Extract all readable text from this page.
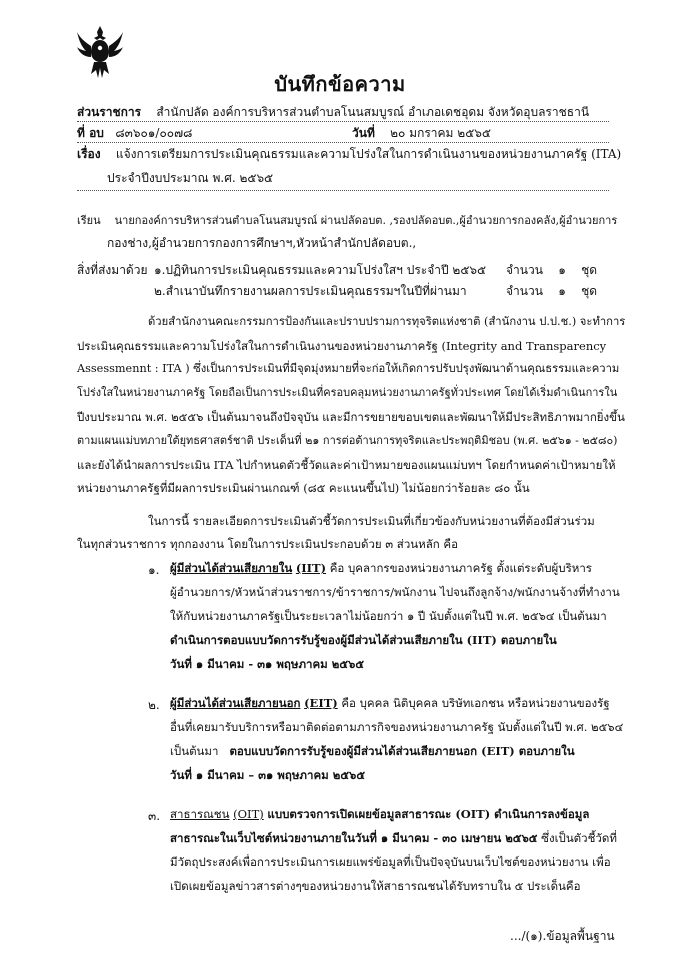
บันทึกข้อความ
ส่วนราชการ สำนักปลัด องค์การบริหารส่วนตำบลโนนสมบูรณ์ อำเภอเดชอุดม จังหวัดอุบลราชธานี
ที่ อบ ๘๓๖๐๑/๐๐๗๘	วันที่ ๒๐ มกราคม ๒๕๖๕
เรื่อง แจ้งการเตรียมการประเมินคุณธรรมและความโปร่งใสในการดำเนินงานของหน่วยงานภาครัฐ (ITA)
ประจำปีงบประมาณ พ.ศ. ๒๕๖๕
เรียน นายกองค์การบริหารส่วนตำบลโนนสมบูรณ์ ผ่านปลัดอบต. ,รองปลัดอบต.,ผู้อำนวยการกองคลัง,ผู้อำนวยการ
กองช่าง,ผู้อำนวยการกองการศึกษาฯ,หัวหน้าสำนักปลัดอบต.,
สิ่งที่ส่งมาด้วย ๑.ปฏิทินการประเมินคุณธรรมและความโปร่งใสฯ ประจำปี ๒๕๖๕ จำนวน ๑ ชุด
๒.สำเนาบันทึกรายงานผลการประเมินคุณธรรมฯในปีที่ผ่านมา	จำนวน ๑ ชุด
ด้วยสำนักงานคณะกรรมการป้องกันและปราบปรามการทุจริตแห่งชาติ (สำนักงาน ป.ป.ช.) จะทำการ
ประเมินคุณธรรมและความโปร่งใสในการดำเนินงานของหน่วยงานภาครัฐ (Integrity and Transparency
Assessmennt : ITA ) ซึ่งเป็นการประเมินที่มีจุดมุ่งหมายที่จะก่อให้เกิดการปรับปรุงพัฒนาด้านคุณธรรมและความ
โปร่งใสในหน่วยงานภาครัฐ โดยถือเป็นการประเมินที่ครอบคลุมหน่วยงานภาครัฐทั่วประเทศ โดยได้เริ่มดำเนินการใน
ปีงบประมาณ พ.ศ. ๒๕๕๖ เป็นต้นมาจนถึงปัจจุบัน และมีการขยายขอบเขตและพัฒนาให้มีประสิทธิภาพมากยิ่งขึ้น
ตามแผนแม่บทภายใต้ยุทธศาสตร์ชาติ ประเด็นที่ ๒๑ การต่อต้านการทุจริตและประพฤติมิชอบ (พ.ศ. ๒๕๖๑ - ๒๕๘๐)
และยังได้นำผลการประเมิน ITA ไปกำหนดตัวชี้วัดและค่าเป้าหมายของแผนแม่บทฯ โดยกำหนดค่าเป้าหมายให้
หน่วยงานภาครัฐที่มีผลการประเมินผ่านเกณฑ์ (๘๕ คะแนนขึ้นไป) ไม่น้อยกว่าร้อยละ ๘๐ นั้น
ในการนี้ รายละเอียดการประเมินตัวชี้วัดการประเมินที่เกี่ยวข้องกับหน่วยงานที่ต้องมีส่วนร่วม
ในทุกส่วนราชการ ทุกกองงาน โดยในการประเมินประกอบด้วย ๓ ส่วนหลัก คือ
๑. ผู้มีส่วนได้ส่วนเสียภายใน (IIT) คือ บุคลากรของหน่วยงานภาครัฐ ตั้งแต่ระดับผู้บริหาร
ผู้อำนวยการ/หัวหน้าส่วนราชการ/ข้าราชการ/พนักงาน ไปจนถึงลูกจ้าง/พนักงานจ้างที่ทำงาน
ให้กับหน่วยงานภาครัฐเป็นระยะเวลาไม่น้อยกว่า ๑ ปี นับตั้งแต่ในปี พ.ศ. ๒๕๖๔ เป็นต้นมา
ดำเนินการตอบแบบวัดการรับรู้ของผู้มีส่วนได้ส่วนเสียภายใน (IIT) ตอบภายใน
วันที่ ๑ มีนาคม - ๓๑ พฤษภาคม ๒๕๖๕
๒. ผู้มีส่วนได้ส่วนเสียภายนอก (EIT) คือ บุคคล นิติบุคคล บริษัทเอกชน หรือหน่วยงานของรัฐ
อื่นที่เคยมารับบริการหรือมาติดต่อตามภารกิจของหน่วยงานภาครัฐ นับตั้งแต่ในปี พ.ศ. ๒๕๖๔
เป็นต้นมา ตอบแบบวัดการรับรู้ของผู้มีส่วนได้ส่วนเสียภายนอก (EIT) ตอบภายใน
วันที่ ๑ มีนาคม – ๓๑ พฤษภาคม ๒๕๖๕
๓. สาธารณชน (OIT) แบบตรวจการเปิดเผยข้อมูลสาธารณะ (OIT) ดำเนินการลงข้อมูล
สาธารณะในเว็บไซต์หน่วยงานภายในวันที่ ๑ มีนาคม - ๓๐ เมษายน ๒๕๖๕ ซึ่งเป็นตัวชี้วัดที่
มีวัตถุประสงค์เพื่อการประเมินการเผยแพร่ข้อมูลที่เป็นปัจจุบันบนเว็บไซต์ของหน่วยงาน เพื่อ
เปิดเผยข้อมูลข่าวสารต่างๆของหน่วยงานให้สาธารณชนได้รับทราบใน ๕ ประเด็นคือ
.../(๑).ข้อมูลพื้นฐาน
